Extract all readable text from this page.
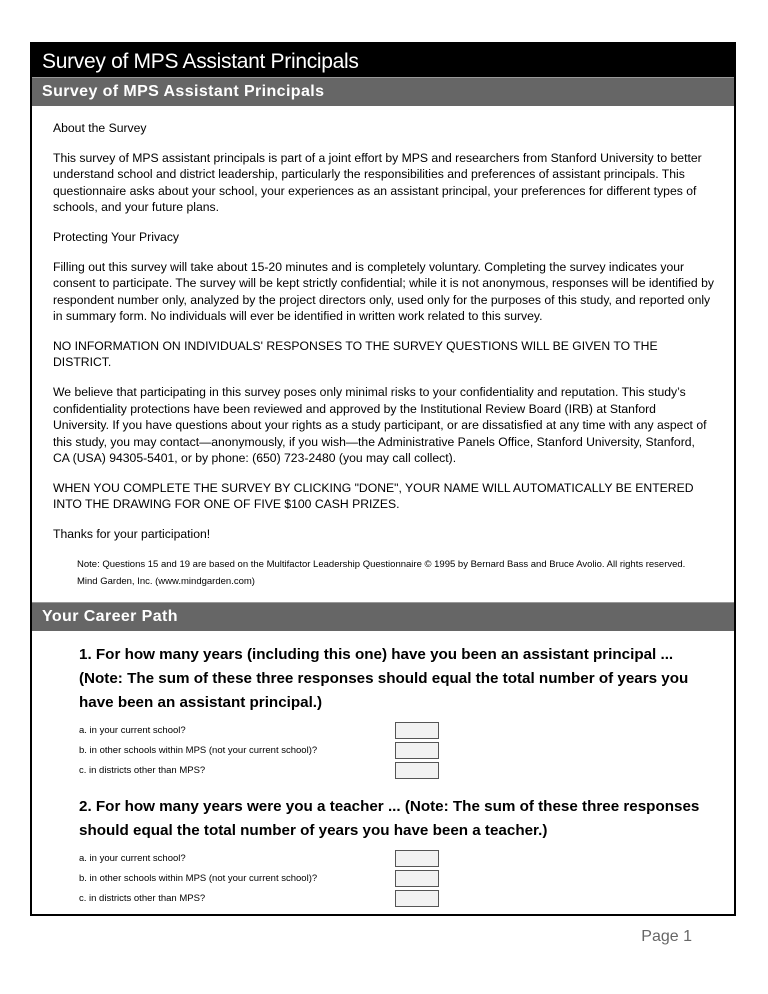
Survey of MPS Assistant Principals
Survey of MPS Assistant Principals

About the Survey

This survey of MPS assistant principals is part of a joint effort by MPS and researchers from Stanford University to better understand school and district leadership, particularly the responsibilities and preferences of assistant principals. This questionnaire asks about your school, your experiences as an assistant principal, your preferences for different types of schools, and your future plans.

Protecting Your Privacy

Filling out this survey will take about 15-20 minutes and is completely voluntary. Completing the survey indicates your consent to participate. The survey will be kept strictly confidential; while it is not anonymous, responses will be identified by respondent number only, analyzed by the project directors only, used only for the purposes of this study, and reported only in summary form. No individuals will ever be identified in written work related to this survey.

NO INFORMATION ON INDIVIDUALS' RESPONSES TO THE SURVEY QUESTIONS WILL BE GIVEN TO THE DISTRICT.

We believe that participating in this survey poses only minimal risks to your confidentiality and reputation. This study’s confidentiality protections have been reviewed and approved by the Institutional Review Board (IRB) at Stanford University. If you have questions about your rights as a study participant, or are dissatisfied at any time with any aspect of this study, you may contact—anonymously, if you wish—the Administrative Panels Office, Stanford University, Stanford, CA (USA) 94305-5401, or by phone: (650) 723-2480 (you may call collect).

WHEN YOU COMPLETE THE SURVEY BY CLICKING "DONE", YOUR NAME WILL AUTOMATICALLY BE ENTERED INTO THE DRAWING FOR ONE OF FIVE $100 CASH PRIZES.

Thanks for your participation!

Note: Questions 15 and 19 are based on the Multifactor Leadership Questionnaire © 1995 by Bernard Bass and Bruce Avolio. All rights reserved. Mind Garden, Inc. (www.mindgarden.com)
Your Career Path

1. For how many years (including this one) have you been an assistant principal ... (Note: The sum of these three responses should equal the total number of years you have been an assistant principal.)

a. in your current school?
b. in other schools within MPS (not your current school)?
c. in districts other than MPS?

2. For how many years were you a teacher ... (Note: The sum of these three responses should equal the total number of years you have been a teacher.)

a. in your current school?
b. in other schools within MPS (not your current school)?
c. in districts other than MPS?
Page 1
